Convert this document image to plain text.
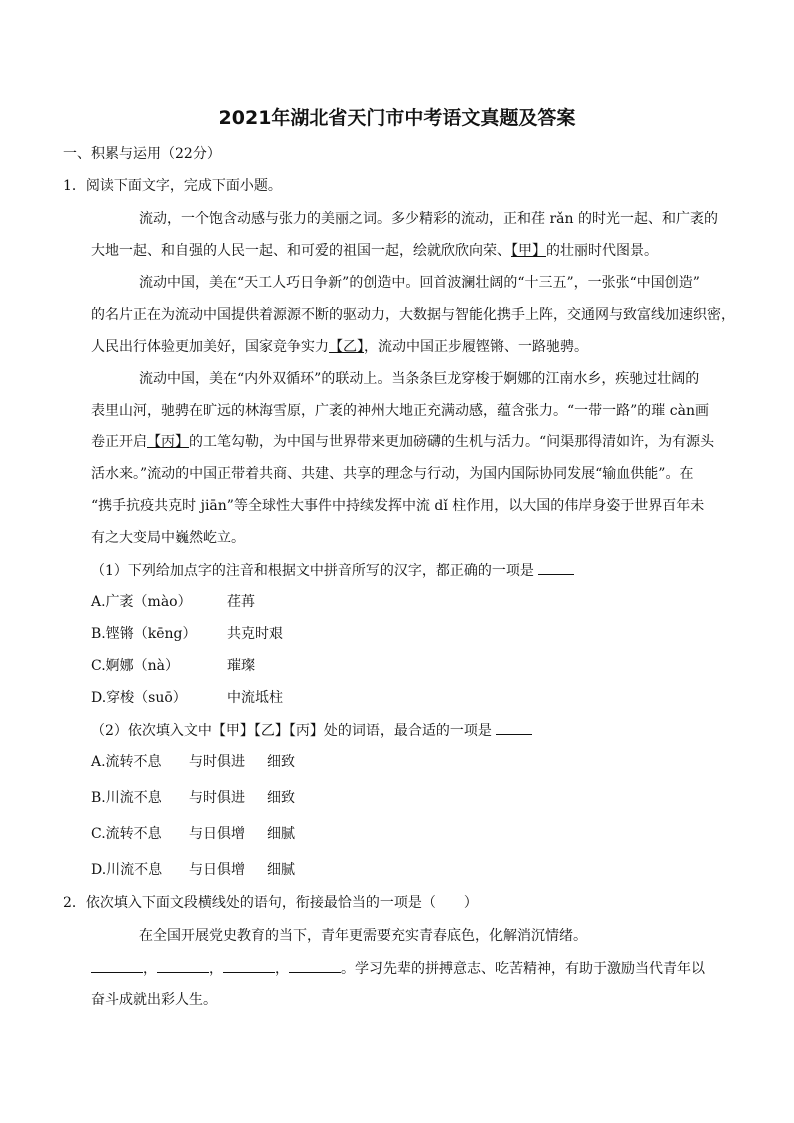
2021年湖北省天门市中考语文真题及答案
一、积累与运用（22分）
1．阅读下面文字，完成下面小题。
流动，一个饱含动感与张力的美丽之词。多少精彩的流动，正和荏 rǎn 的时光一起、和广袤的
大地一起、和自强的人民一起、和可爱的祖国一起，绘就欣欣向荣、【甲】的壮丽时代图景。
流动中国，美在“天工人巧日争新”的创造中。回首波澜壮阔的“十三五”，一张张“中国创造”
的名片正在为流动中国提供着源源不断的驱动力，大数据与智能化携手上阵，交通网与致富线加速织密，
人民出行体验更加美好，国家竞争实力【乙】，流动中国正步履铿锵、一路驰骋。
流动中国，美在“内外双循环”的联动上。当条条巨龙穿梭于婀娜的江南水乡，疾驰过壮阔的
表里山河，驰骋在旷远的林海雪原，广袤的神州大地正充满动感，蕴含张力。“一带一路”的璀 càn画
卷正开启【丙】的工笔勾勒，为中国与世界带来更加磅礴的生机与活力。“问渠那得清如许，为有源头
活水来。”流动的中国正带着共商、共建、共享的理念与行动，为国内国际协同发展“输血供能”。在
“携手抗疫共克时 jiān”等全球性大事件中持续发挥中流 dǐ 柱作用，以大国的伟岸身姿于世界百年未
有之大变局中巍然屹立。
（1）下列给加点字的注音和根据文中拼音所写的汉字，都正确的一项是
A.广袤（mào）	荏苒
B.铿锵（kēng） 共克时艰
C.婀娜（nà）	璀璨
D.穿梭（suō）	中流坻柱
（2）依次填入文中【甲】【乙】【丙】处的词语，最合适的一项是
A.流转不息 与时俱进 细致
B.川流不息 与时俱进 细致
C.流转不息 与日俱增 细腻
D.川流不息 与日俱增 细腻
2．依次填入下面文段横线处的语句，衔接最恰当的一项是（　　）
在全国开展党史教育的当下，青年更需要充实青春底色，化解消沉情绪。
，	，	，	。学习先辈的拼搏意志、吃苦精神，有助于激励当代青年以
奋斗成就出彩人生。
